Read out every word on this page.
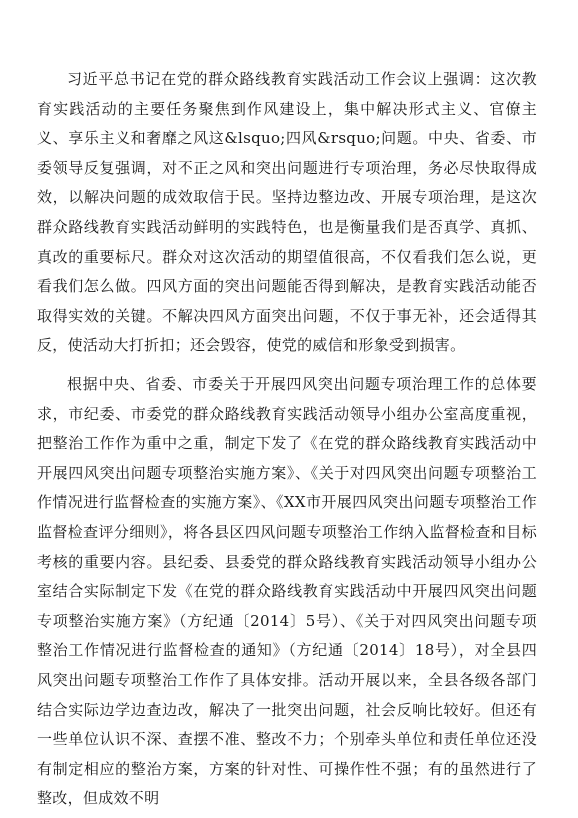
习近平总书记在党的群众路线教育实践活动工作会议上强调：这次教育实践活动的主要任务聚焦到作风建设上，集中解决形式主义、官僚主义、享乐主义和奢靡之风这&lsquo;四风&rsquo;问题。中央、省委、市委领导反复强调，对不正之风和突出问题进行专项治理，务必尽快取得成效，以解决问题的成效取信于民。坚持边整边改、开展专项治理，是这次群众路线教育实践活动鲜明的实践特色，也是衡量我们是否真学、真抓、真改的重要标尺。群众对这次活动的期望值很高，不仅看我们怎么说，更看我们怎么做。四风方面的突出问题能否得到解决，是教育实践活动能否取得实效的关键。不解决四风方面突出问题，不仅于事无补，还会适得其反，使活动大打折扣；还会毁容，使党的威信和形象受到损害。

根据中央、省委、市委关于开展四风突出问题专项治理工作的总体要求，市纪委、市委党的群众路线教育实践活动领导小组办公室高度重视，把整治工作作为重中之重，制定下发了《在党的群众路线教育实践活动中开展四风突出问题专项整治实施方案》、《关于对四风突出问题专项整治工作情况进行监督检查的实施方案》、《XX市开展四风突出问题专项整治工作监督检查评分细则》，将各县区四风问题专项整治工作纳入监督检查和目标考核的重要内容。县纪委、县委党的群众路线教育实践活动领导小组办公室结合实际制定下发《在党的群众路线教育实践活动中开展四风突出问题专项整治实施方案》（方纪通〔2014〕5号）、《关于对四风突出问题专项整治工作情况进行监督检查的通知》（方纪通〔2014〕18号），对全县四风突出问题专项整治工作作了具体安排。活动开展以来，全县各级各部门结合实际边学边查边改，解决了一批突出问题，社会反响比较好。但还有一些单位认识不深、查摆不准、整改不力；个别牵头单位和责任单位还没有制定相应的整治方案，方案的针对性、可操作性不强；有的虽然进行了整改，但成效不明
